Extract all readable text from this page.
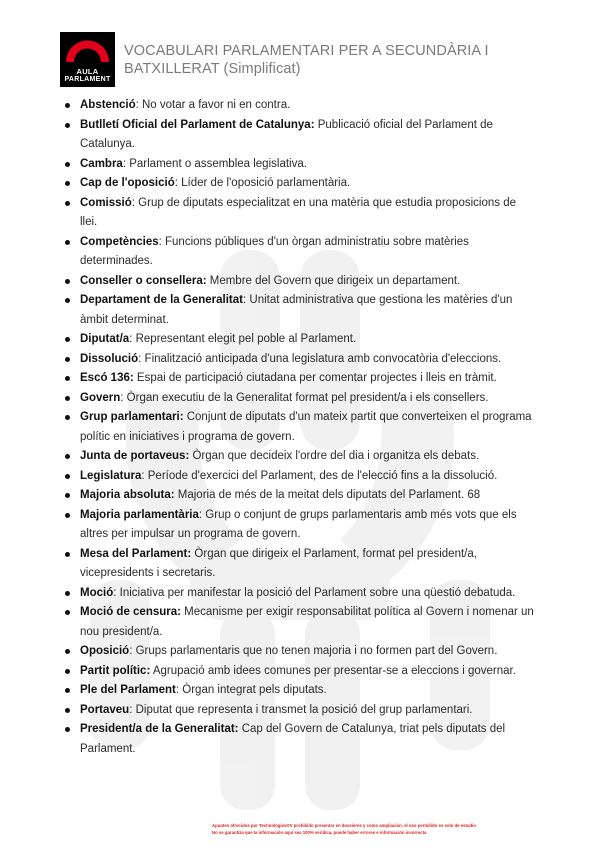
AULA
PARLAMENT
VOCABULARI PARLAMENTARI PER A SECUNDÀRIA I BATXILLERAT (Simplificat)
Abstenció: No votar a favor ni en contra.
Butlletí Oficial del Parlament de Catalunya: Publicació oficial del Parlament de Catalunya.
Cambra: Parlament o assemblea legislativa.
Cap de l'oposició: Líder de l'oposició parlamentària.
Comissió: Grup de diputats especialitzat en una matèria que estudia proposicions de llei.
Competències: Funcions públiques d'un òrgan administratiu sobre matèries determinades.
Conseller o consellera: Membre del Govern que dirigeix un departament.
Departament de la Generalitat: Unitat administrativa que gestiona les matèries d'un àmbit determinat.
Diputat/a: Representant elegit pel poble al Parlament.
Dissolució: Finalització anticipada d'una legislatura amb convocatòria d'eleccions.
Escó 136: Espai de participació ciutadana per comentar projectes i lleis en tràmit.
Govern: Òrgan executiu de la Generalitat format pel president/a i els consellers.
Grup parlamentari: Conjunt de diputats d'un mateix partit que converteixen el programa polític en iniciatives i programa de govern.
Junta de portaveus: Òrgan que decideix l'ordre del dia i organitza els debats.
Legislatura: Període d'exercici del Parlament, des de l'elecció fins a la dissolució.
Majoria absoluta: Majoria de més de la meitat dels diputats del Parlament. 68
Majoria parlamentària: Grup o conjunt de grups parlamentaris amb més vots que els altres per impulsar un programa de govern.
Mesa del Parlament: Òrgan que dirigeix el Parlament, format pel president/a, vicepresidents i secretaris.
Moció: Iniciativa per manifestar la posició del Parlament sobre una qüestió debatuda.
Moció de censura: Mecanisme per exigir responsabilitat política al Govern i nomenar un nou president/a.
Oposició: Grups parlamentaris que no tenen majoria i no formen part del Govern.
Partit polític: Agrupació amb idees comunes per presentar-se a eleccions i governar.
Ple del Parlament: Òrgan integrat pels diputats.
Portaveu: Diputat que representa i transmet la posició del grup parlamentari.
President/a de la Generalitat: Cap del Govern de Catalunya, triat pels diputats del Parlament.
Apuntes ofrecidos por TechnologiesOV prohibido presentar en dossieres y como ampliación, el uso permitido es solo de estudio
No se garantiza que la información aquí sea 100% verídica, puede haber errores e información incorrecta
